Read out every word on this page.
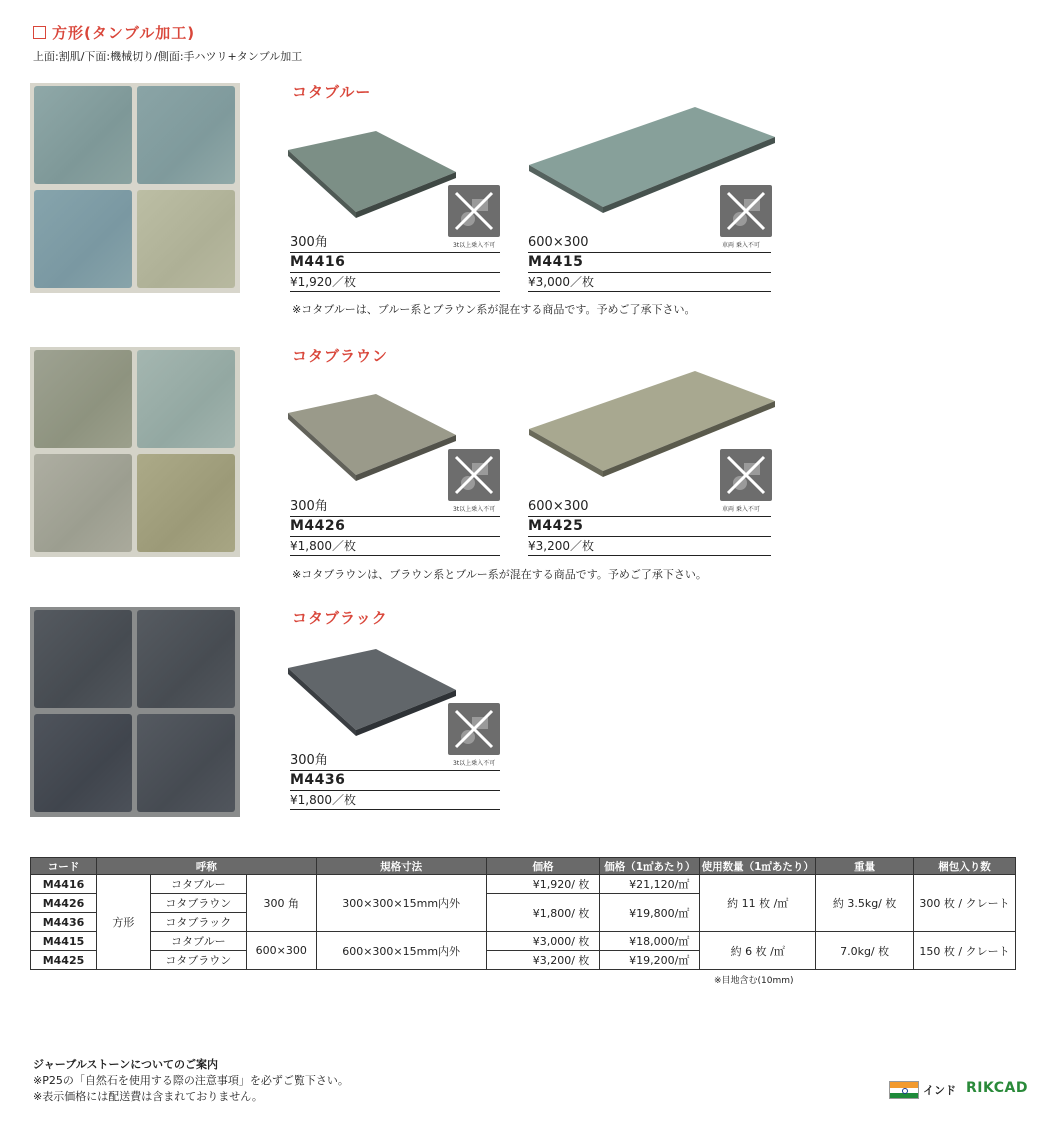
方形(タンブル加工)
上面:割肌/下面:機械切り/側面:手ハツリ+タンブル加工
コタブルー
3t以上乗入不可
300角
M4416
¥1,920／枚
車両 乗入不可
600×300
M4415
¥3,000／枚
※コタブルーは、ブルー系とブラウン系が混在する商品です。予めご了承下さい。
コタブラウン
3t以上乗入不可
300角
M4426
¥1,800／枚
車両 乗入不可
600×300
M4425
¥3,200／枚
※コタブラウンは、ブラウン系とブルー系が混在する商品です。予めご了承下さい。
コタブラック
3t以上乗入不可
300角
M4436
¥1,800／枚
コード	呼称			規格寸法	価格	価格（1㎡あたり）	使用数量（1㎡あたり）	重量	梱包入り数
M4416	方形	コタブルー	300 角	300×300×15mm内外	¥1,920/ 枚	¥21,120/㎡	約 11 枚 /㎡	約 3.5kg/ 枚	300 枚 / クレート
M4426		コタブラウン			¥1,800/ 枚	¥19,800/㎡			
M4436		コタブラック							
M4415		コタブルー	600×300	600×300×15mm内外	¥3,000/ 枚	¥18,000/㎡	約 6 枚 /㎡	7.0kg/ 枚	150 枚 / クレート
M4425		コタブラウン			¥3,200/ 枚	¥19,200/㎡			
※目地含む(10mm)
ジャーブルストーンについてのご案内
※P25の「自然石を使用する際の注意事項」を必ずご覧下さい。
※表示価格には配送費は含まれておりません。	インド RIKCAD
